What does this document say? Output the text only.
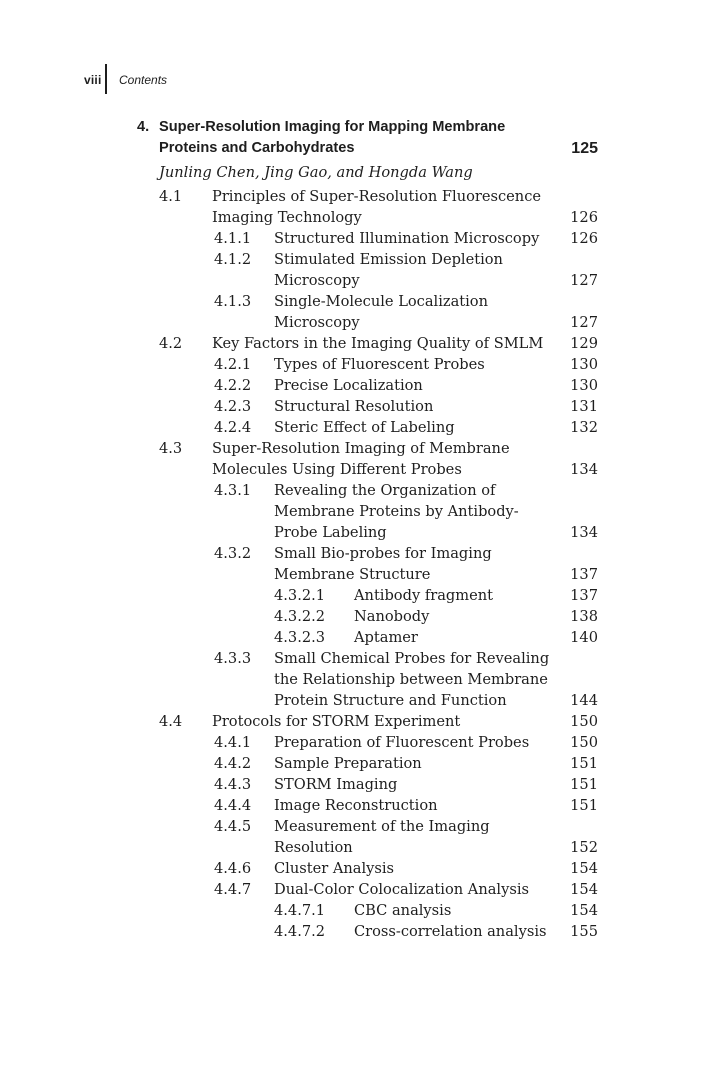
viii Contents
4. Super-Resolution Imaging for Mapping Membrane
Proteins and Carbohydrates	125
Junling Chen, Jing Gao, and Hongda Wang
4.1 Principles of Super-Resolution Fluorescence
Imaging Technology	126
4.1.1 Structured Illumination Microscopy 126
4.1.2 Stimulated Emission Depletion
Microscopy	127
4.1.3 Single-Molecule Localization
Microscopy	127
4.2 Key Factors in the Imaging Quality of SMLM 129
4.2.1 Types of Fluorescent Probes	130
4.2.2 Precise Localization	130
4.2.3 Structural Resolution	131
4.2.4 Steric Effect of Labeling	132
4.3 Super-Resolution Imaging of Membrane
Molecules Using Different Probes	134
4.3.1 Revealing the Organization of
Membrane Proteins by Antibody-
Probe Labeling	134
4.3.2 Small Bio-probes for Imaging
Membrane Structure	137
4.3.2.1 Antibody fragment	137
4.3.2.2 Nanobody	138
4.3.2.3 Aptamer	140
4.3.3 Small Chemical Probes for Revealing
the Relationship between Membrane
Protein Structure and Function	144
4.4 Protocols for STORM Experiment	150
4.4.1 Preparation of Fluorescent Probes	150
4.4.2 Sample Preparation	151
4.4.3 STORM Imaging	151
4.4.4 Image Reconstruction	151
4.4.5 Measurement of the Imaging
Resolution	152
4.4.6 Cluster Analysis	154
4.4.7 Dual-Color Colocalization Analysis	154
4.4.7.1 CBC analysis	154
4.4.7.2 Cross-correlation analysis 155
